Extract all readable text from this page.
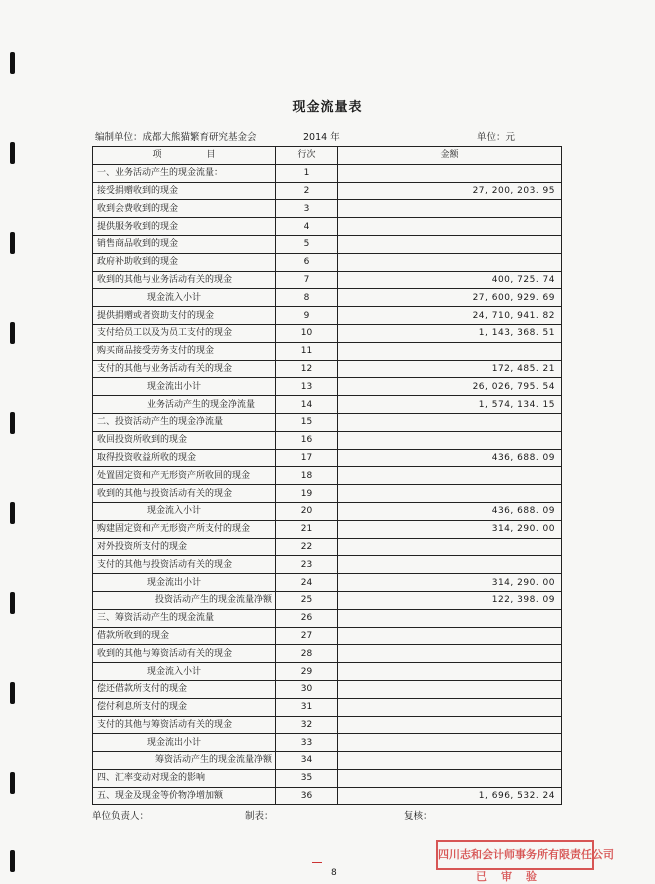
现金流量表
编制单位：成都大熊猫繁育研究基金会	2014 年	单位：元
项　　　　　目	行次	金额
一、业务活动产生的现金流量：	1	
接受捐赠收到的现金	2	27, 200, 203. 95
收到会费收到的现金	3	
提供服务收到的现金	4	
销售商品收到的现金	5	
政府补助收到的现金	6	
收到的其他与业务活动有关的现金	7	400, 725. 74
现金流入小计	8	27, 600, 929. 69
提供捐赠或者资助支付的现金	9	24, 710, 941. 82
支付给员工以及为员工支付的现金	10	1, 143, 368. 51
购买商品接受劳务支付的现金	11	
支付的其他与业务活动有关的现金	12	172, 485. 21
现金流出小计	13	26, 026, 795. 54
业务活动产生的现金净流量	14	1, 574, 134. 15
二、投资活动产生的现金净流量	15	
收回投资所收到的现金	16	
取得投资收益所收的现金	17	436, 688. 09
处置固定资和产无形资产所收回的现金	18	
收到的其他与投资活动有关的现金	19	
现金流入小计	20	436, 688. 09
购建固定资和产无形资产所支付的现金	21	314, 290. 00
对外投资所支付的现金	22	
支付的其他与投资活动有关的现金	23	
现金流出小计	24	314, 290. 00
投资活动产生的现金流量净额	25	122, 398. 09
三、筹资活动产生的现金流量	26	
借款所收到的现金	27	
收到的其他与筹资活动有关的现金	28	
现金流入小计	29	
偿还借款所支付的现金	30	
偿付利息所支付的现金	31	
支付的其他与筹资活动有关的现金	32	
现金流出小计	33	
筹资活动产生的现金流量净额	34	
四、汇率变动对现金的影响	35	
五、现金及现金等价物净增加额	36	1, 696, 532. 24
单位负责人：	制表：	复核：
8
四川志和会计师事务所有限责任公司
已审验
